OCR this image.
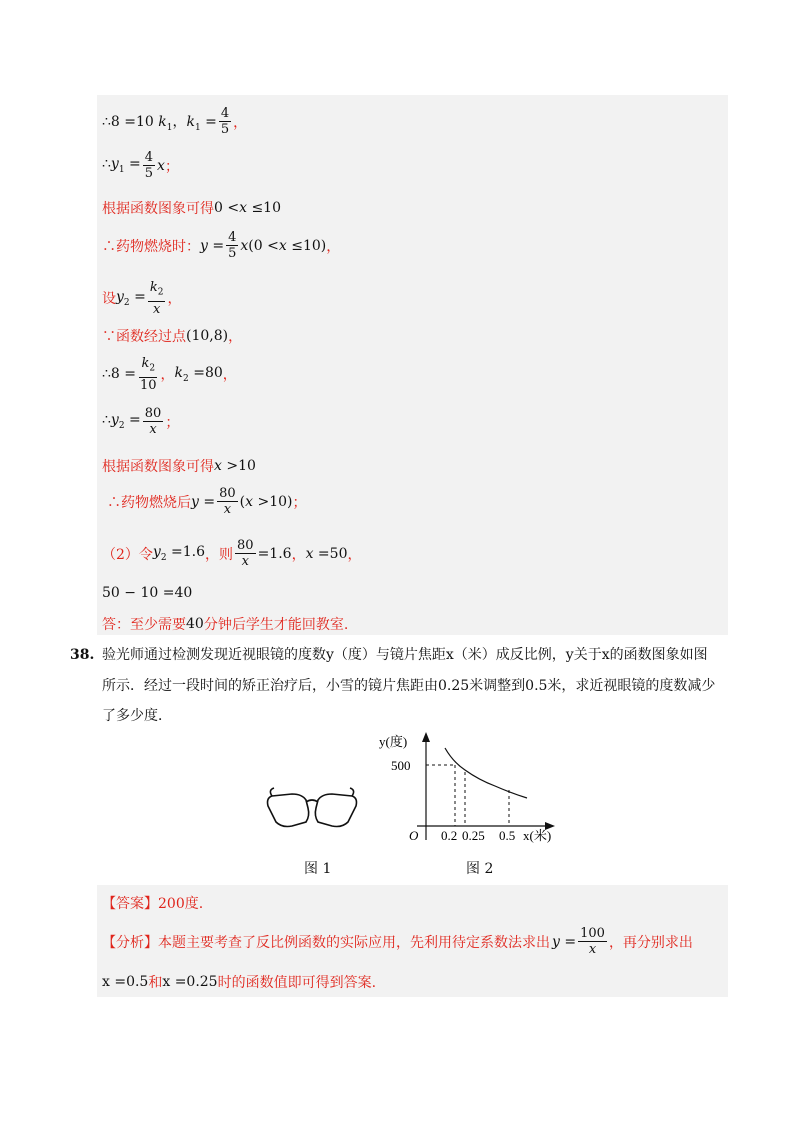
∴8 =10 $k_1$，$k_1 = \frac{4}{5}$ ，
$\therefore y_1 = \frac{4}{5}$ x ；
根据函数图象可得 0 <x ≤10
∴药物燃烧时： $y = \frac{4}{5} x(0 <x \le 10)$ ，
设 $y_2 = \frac{k_2}{x}$ ，
∵函数经过点 (10,8) ，
∴8 = $\frac{k_2}{10}$ ， $k_2 =80$ ，
$\therefore y_2 = \frac{80}{x}$ ；
根据函数图象可得 x >10
∴药物燃烧后 $y = \frac{80}{x} (x >10)$ ；
（2）令 $y_2 =1.6$ ，则 $\frac{80}{x} =1.6$ ， x =50 ，
50 − 10 =40
答：至少需要 40 分钟后学生才能回教室.
38. 验光师通过检测发现近视眼镜的度数y（度）与镜片焦距x（米）成反比例，y关于x的函数图象如图
所示．经过一段时间的矫正治疗后，小雪的镜片焦距由0.25米调整到0.5米，求近视眼镜的度数减少
了多少度．
图 1
y(度)
500
O 0.2 0.25 0.5 x(米)
图 2
【答案】 200度.
【分析】 本题主要考查了反比例函数的实际应用，先利用待定系数法求出 $y = \frac{100}{x}$ ，再分别求出
x =0.5 和 x =0.25 时的函数值即可得到答案.
